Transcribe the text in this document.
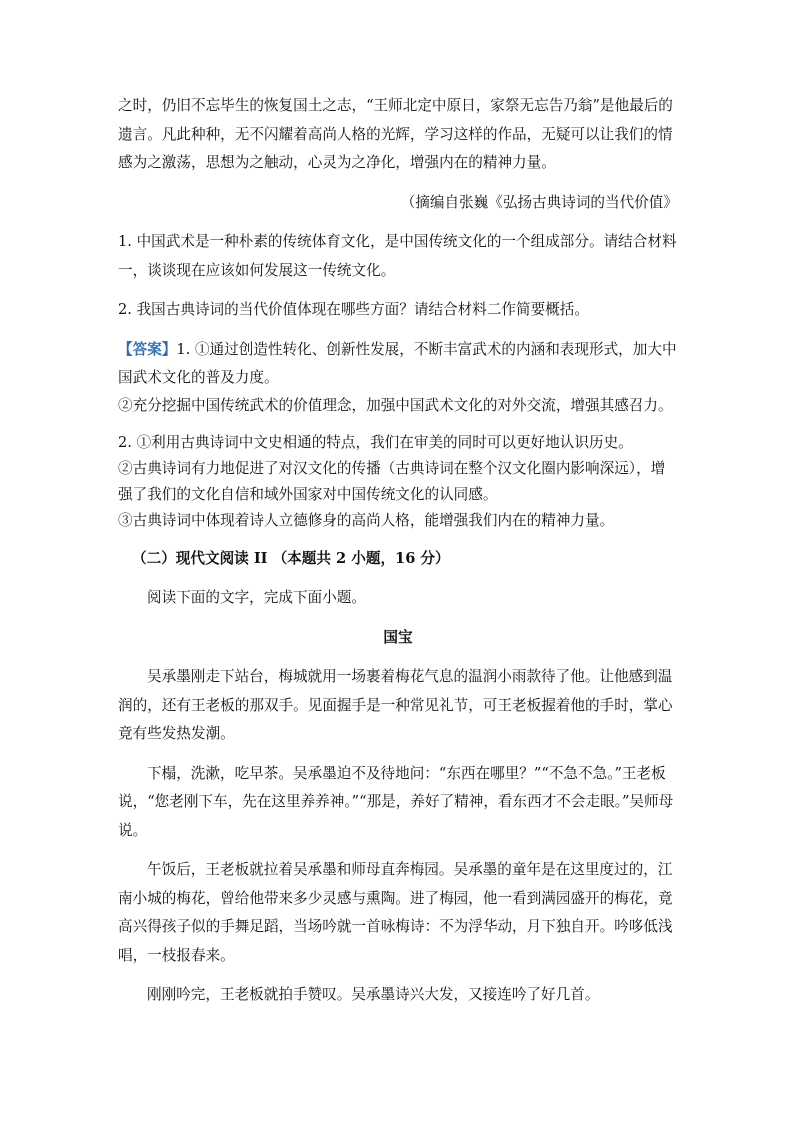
之时，仍旧不忘毕生的恢复国土之志，“王师北定中原日，家祭无忘告乃翁”是他最后的遗言。凡此种种，无不闪耀着高尚人格的光辉，学习这样的作品，无疑可以让我们的情感为之激荡，思想为之触动，心灵为之净化，增强内在的精神力量。

（摘编自张巍《弘扬古典诗词的当代价值》

1. 中国武术是一种朴素的传统体育文化，是中国传统文化的一个组成部分。请结合材料一，谈谈现在应该如何发展这一传统文化。

2. 我国古典诗词的当代价值体现在哪些方面？请结合材料二作简要概括。

【答案】1. ①通过创造性转化、创新性发展，不断丰富武术的内涵和表现形式，加大中国武术文化的普及力度。

②充分挖掘中国传统武术的价值理念，加强中国武术文化的对外交流，增强其感召力。

2. ①利用古典诗词中文史相通的特点，我们在审美的同时可以更好地认识历史。

②古典诗词有力地促进了对汉文化的传播（古典诗词在整个汉文化圈内影响深远），增强了我们的文化自信和域外国家对中国传统文化的认同感。

③古典诗词中体现着诗人立德修身的高尚人格，能增强我们内在的精神力量。

（二）现代文阅读 II （本题共 2 小题，16 分）

阅读下面的文字，完成下面小题。

国宝

吴承墨刚走下站台，梅城就用一场裹着梅花气息的温润小雨款待了他。让他感到温润的，还有王老板的那双手。见面握手是一种常见礼节，可王老板握着他的手时，掌心竟有些发热发潮。

下榻，洗漱，吃早茶。吴承墨迫不及待地问：“东西在哪里？”“不急不急。”王老板说，“您老刚下车，先在这里养养神。”“那是，养好了精神，看东西才不会走眼。”吴师母说。

午饭后，王老板就拉着吴承墨和师母直奔梅园。吴承墨的童年是在这里度过的，江南小城的梅花，曾给他带来多少灵感与熏陶。进了梅园，他一看到满园盛开的梅花，竟高兴得孩子似的手舞足蹈，当场吟就一首咏梅诗：不为浮华动，月下独自开。吟哆低浅唱，一枝报春来。

刚刚吟完，王老板就拍手赞叹。吴承墨诗兴大发，又接连吟了好几首。
